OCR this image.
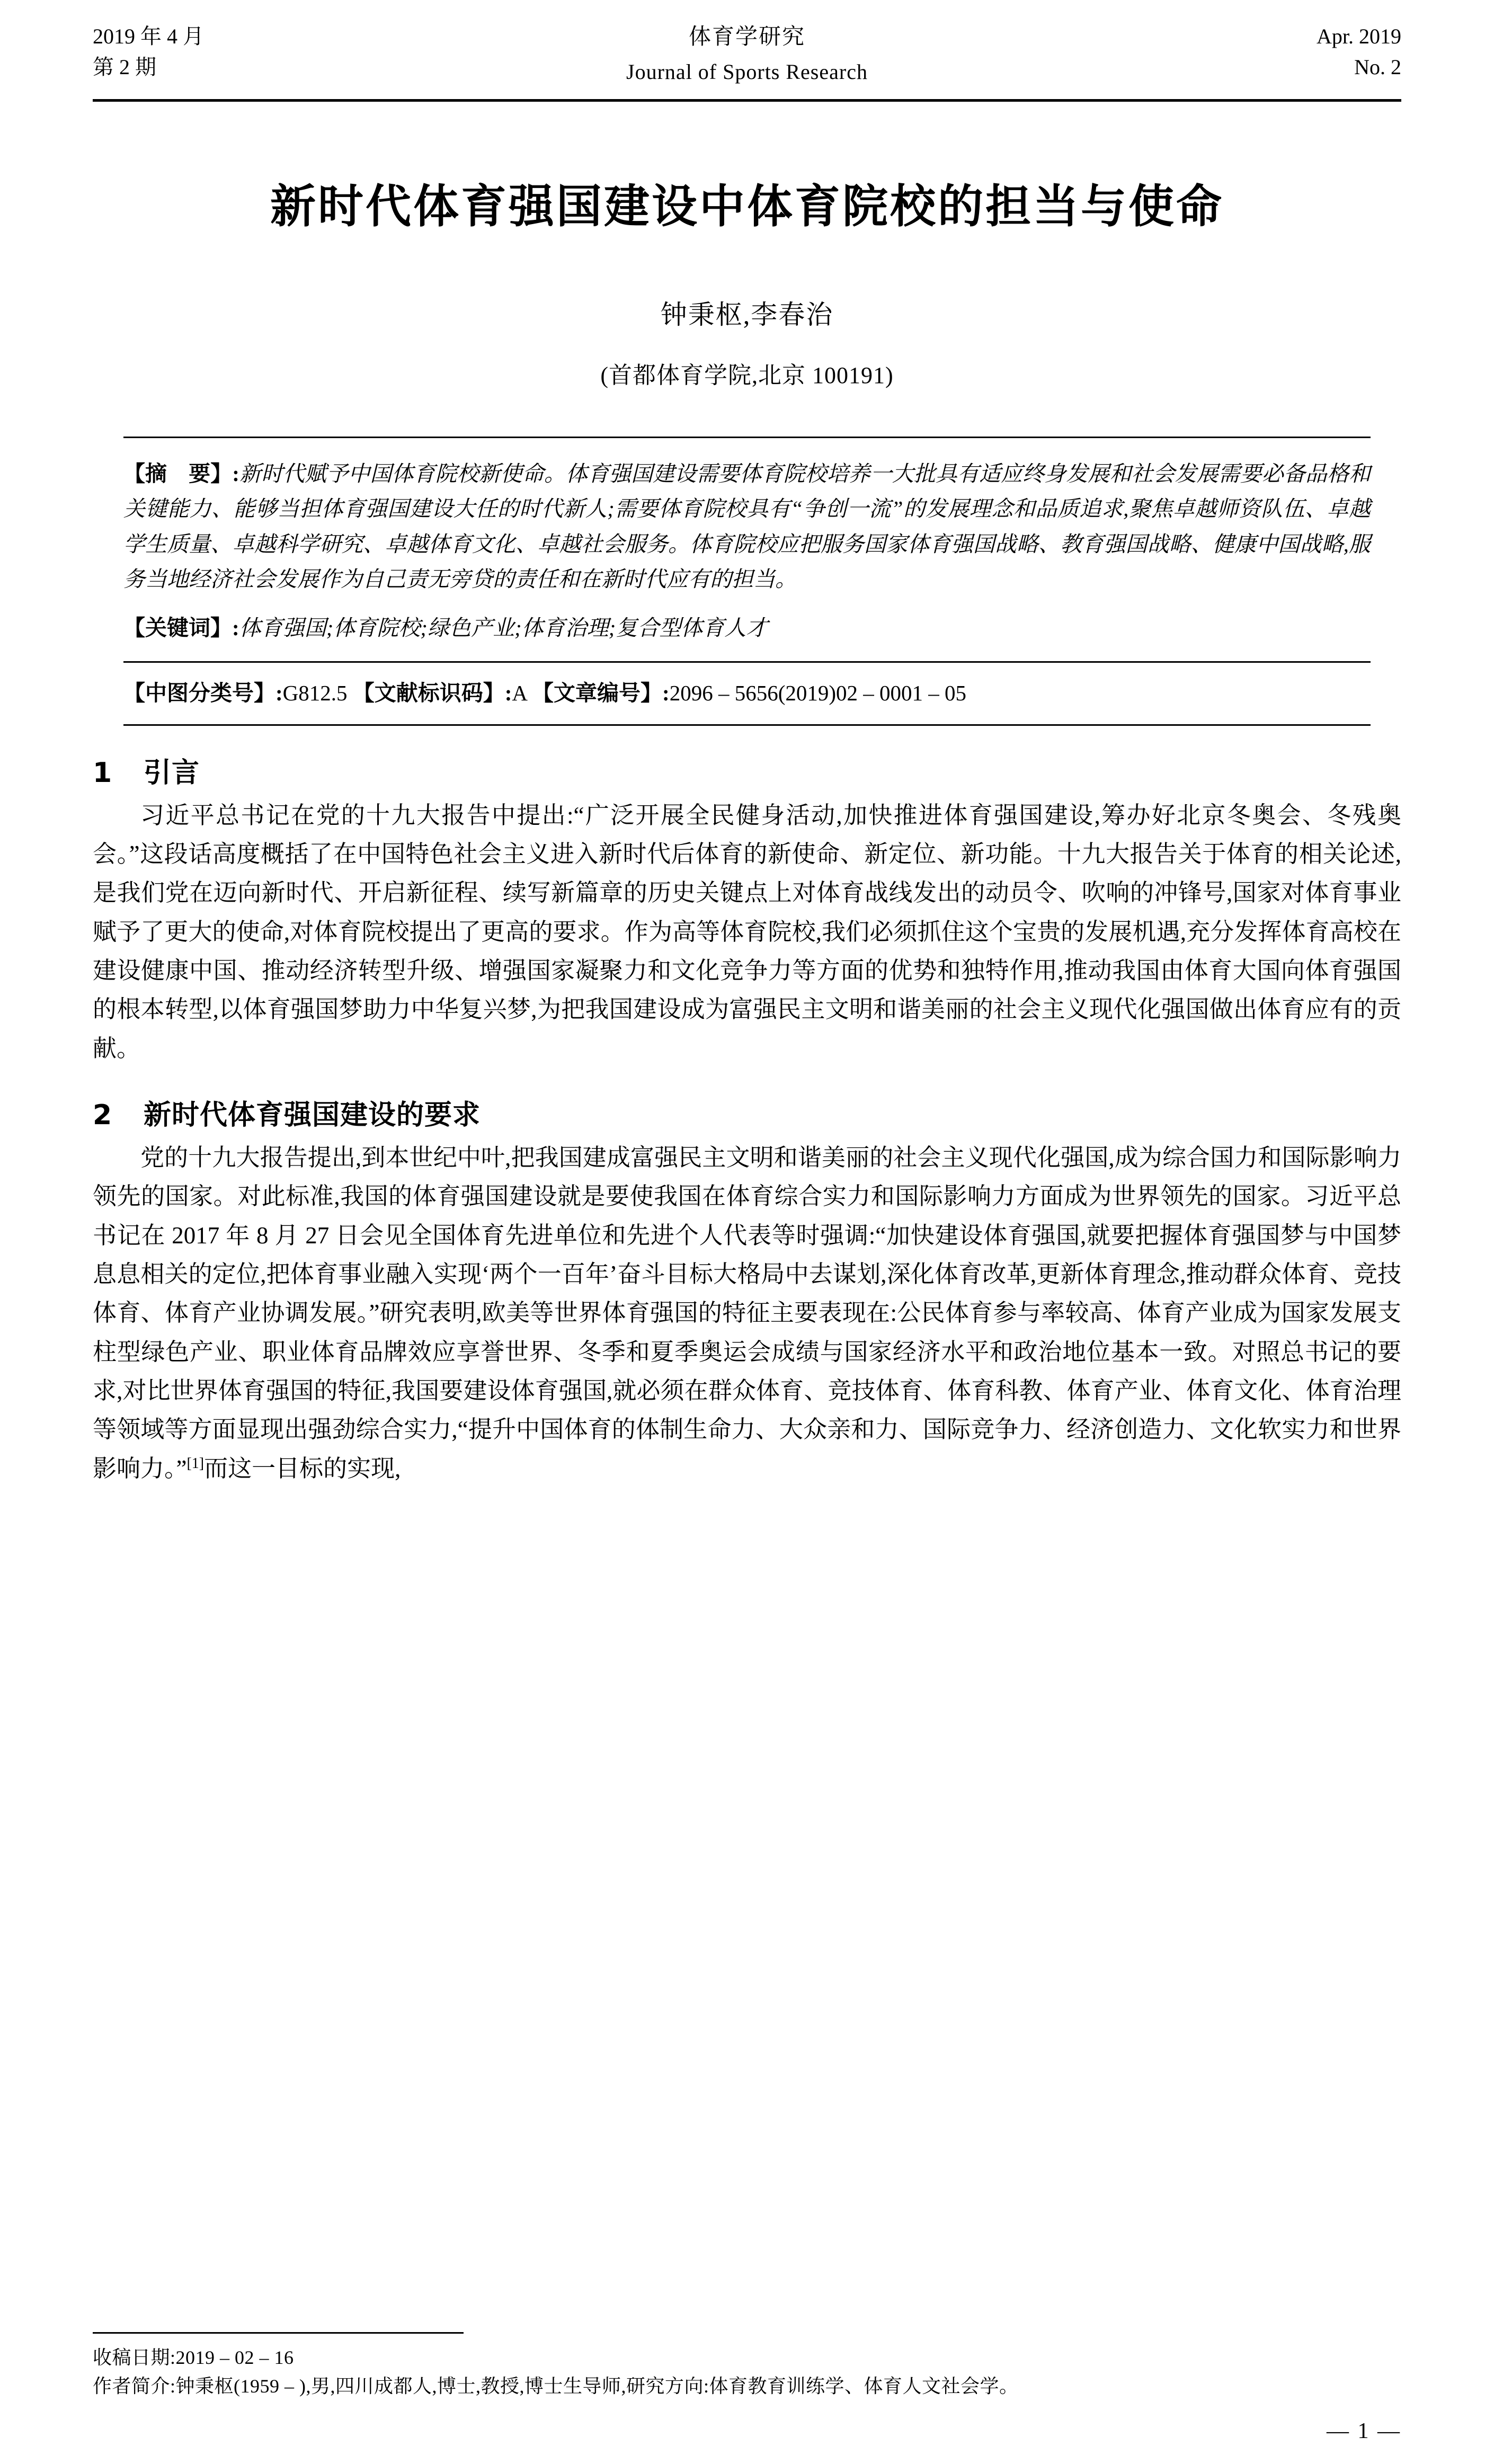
2019 年 4 月
第 2 期
体育学研究
Journal of Sports Research
Apr. 2019
No. 2
新时代体育强国建设中体育院校的担当与使命
钟秉枢,李春治
(首都体育学院,北京 100191)
【摘　要】:新时代赋予中国体育院校新使命。体育强国建设需要体育院校培养一大批具有适应终身发展和社会发展需要必备品格和关键能力、能够当担体育强国建设大任的时代新人;需要体育院校具有“争创一流”的发展理念和品质追求,聚焦卓越师资队伍、卓越学生质量、卓越科学研究、卓越体育文化、卓越社会服务。体育院校应把服务国家体育强国战略、教育强国战略、健康中国战略,服务当地经济社会发展作为自己责无旁贷的责任和在新时代应有的担当。
【关键词】:体育强国;体育院校;绿色产业;体育治理;复合型体育人才
【中图分类号】:G812.5 【文献标识码】:A 【文章编号】:2096 – 5656(2019)02 – 0001 – 05
1 引言

习近平总书记在党的十九大报告中提出:“广泛开展全民健身活动,加快推进体育强国建设,筹办好北京冬奥会、冬残奥会。”这段话高度概括了在中国特色社会主义进入新时代后体育的新使命、新定位、新功能。十九大报告关于体育的相关论述,是我们党在迈向新时代、开启新征程、续写新篇章的历史关键点上对体育战线发出的动员令、吹响的冲锋号,国家对体育事业赋予了更大的使命,对体育院校提出了更高的要求。作为高等体育院校,我们必须抓住这个宝贵的发展机遇,充分发挥体育高校在建设健康中国、推动经济转型升级、增强国家凝聚力和文化竞争力等方面的优势和独特作用,推动我国由体育大国向体育强国的根本转型,以体育强国梦助力中华复兴梦,为把我国建设成为富强民主文明和谐美丽的社会主义现代化强国做出体育应有的贡献。

2 新时代体育强国建设的要求

党的十九大报告提出,到本世纪中叶,把我国建成富强民主文明和谐美丽的社会主义现代化强国,成为综合国力和国际影响力领先的国家。对此标准,我国的体育强国建设就是要使我国在体育综合实力和国际影响力方面成为世界领先的国家。习近平总书记在 2017 年 8 月 27 日会见全国体育先进单位和先进个人代表等时强调:“加快建设体育强国,就要把握体育强国梦与中国梦息息相关的定位,把体育事业融入实现‘两个一百年’奋斗目标大格局中去谋划,深化体育改革,更新体育理念,推动群众体育、竞技体育、体育产业协调发展。”研究表明,欧美等世界体育强国的特征主要表现在:公民体育参与率较高、体育产业成为国家发展支柱型绿色产业、职业体育品牌效应享誉世界、冬季和夏季奥运会成绩与国家经济水平和政治地位基本一致。对照总书记的要求,对比世界体育强国的特征,我国要建设体育强国,就必须在群众体育、竞技体育、体育科教、体育产业、体育文化、体育治理等领域等方面显现出强劲综合实力,“提升中国体育的体制生命力、大众亲和力、国际竞争力、经济创造力、文化软实力和世界影响力。”[1]而这一目标的实现,

收稿日期:2019 – 02 – 16
作者简介:钟秉枢(1959 – ),男,四川成都人,博士,教授,博士生导师,研究方向:体育教育训练学、体育人文社会学。
— 1 —
